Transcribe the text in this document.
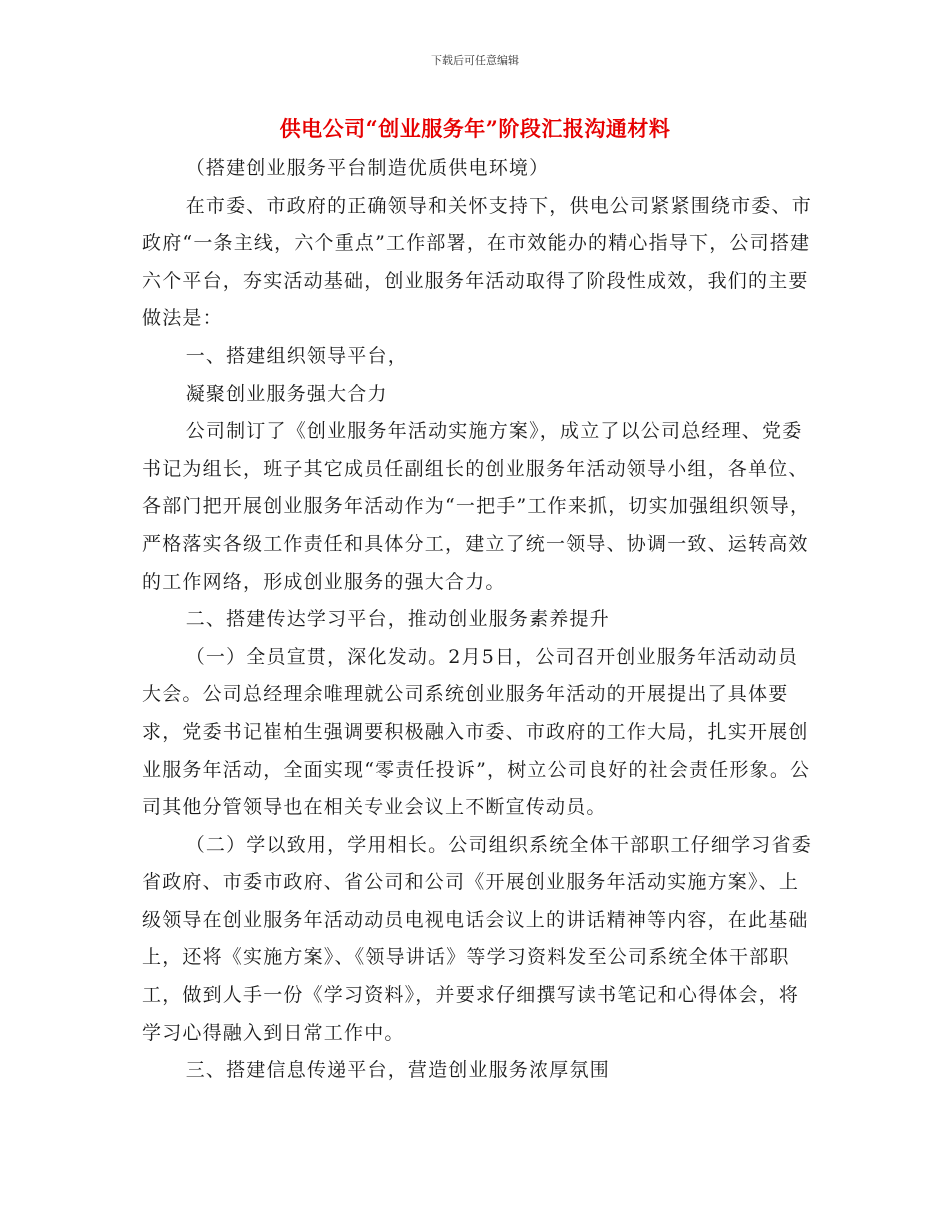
下载后可任意编辑
供电公司“创业服务年”阶段汇报沟通材料

（搭建创业服务平台制造优质供电环境）

在市委、市政府的正确领导和关怀支持下，供电公司紧紧围绕市委、市政府“一条主线，六个重点”工作部署，在市效能办的精心指导下，公司搭建六个平台，夯实活动基础，创业服务年活动取得了阶段性成效，我们的主要做法是：

一、搭建组织领导平台，

凝聚创业服务强大合力

公司制订了《创业服务年活动实施方案》，成立了以公司总经理、党委书记为组长，班子其它成员任副组长的创业服务年活动领导小组，各单位、各部门把开展创业服务年活动作为“一把手”工作来抓，切实加强组织领导，严格落实各级工作责任和具体分工，建立了统一领导、协调一致、运转高效的工作网络，形成创业服务的强大合力。

二、搭建传达学习平台，推动创业服务素养提升

（一）全员宣贯，深化发动。2月5日，公司召开创业服务年活动动员大会。公司总经理余唯理就公司系统创业服务年活动的开展提出了具体要求，党委书记崔柏生强调要积极融入市委、市政府的工作大局，扎实开展创业服务年活动，全面实现“零责任投诉”，树立公司良好的社会责任形象。公司其他分管领导也在相关专业会议上不断宣传动员。

（二）学以致用，学用相长。公司组织系统全体干部职工仔细学习省委省政府、市委市政府、省公司和公司《开展创业服务年活动实施方案》、上级领导在创业服务年活动动员电视电话会议上的讲话精神等内容，在此基础上，还将《实施方案》、《领导讲话》等学习资料发至公司系统全体干部职工，做到人手一份《学习资料》，并要求仔细撰写读书笔记和心得体会，将学习心得融入到日常工作中。

三、搭建信息传递平台，营造创业服务浓厚氛围
